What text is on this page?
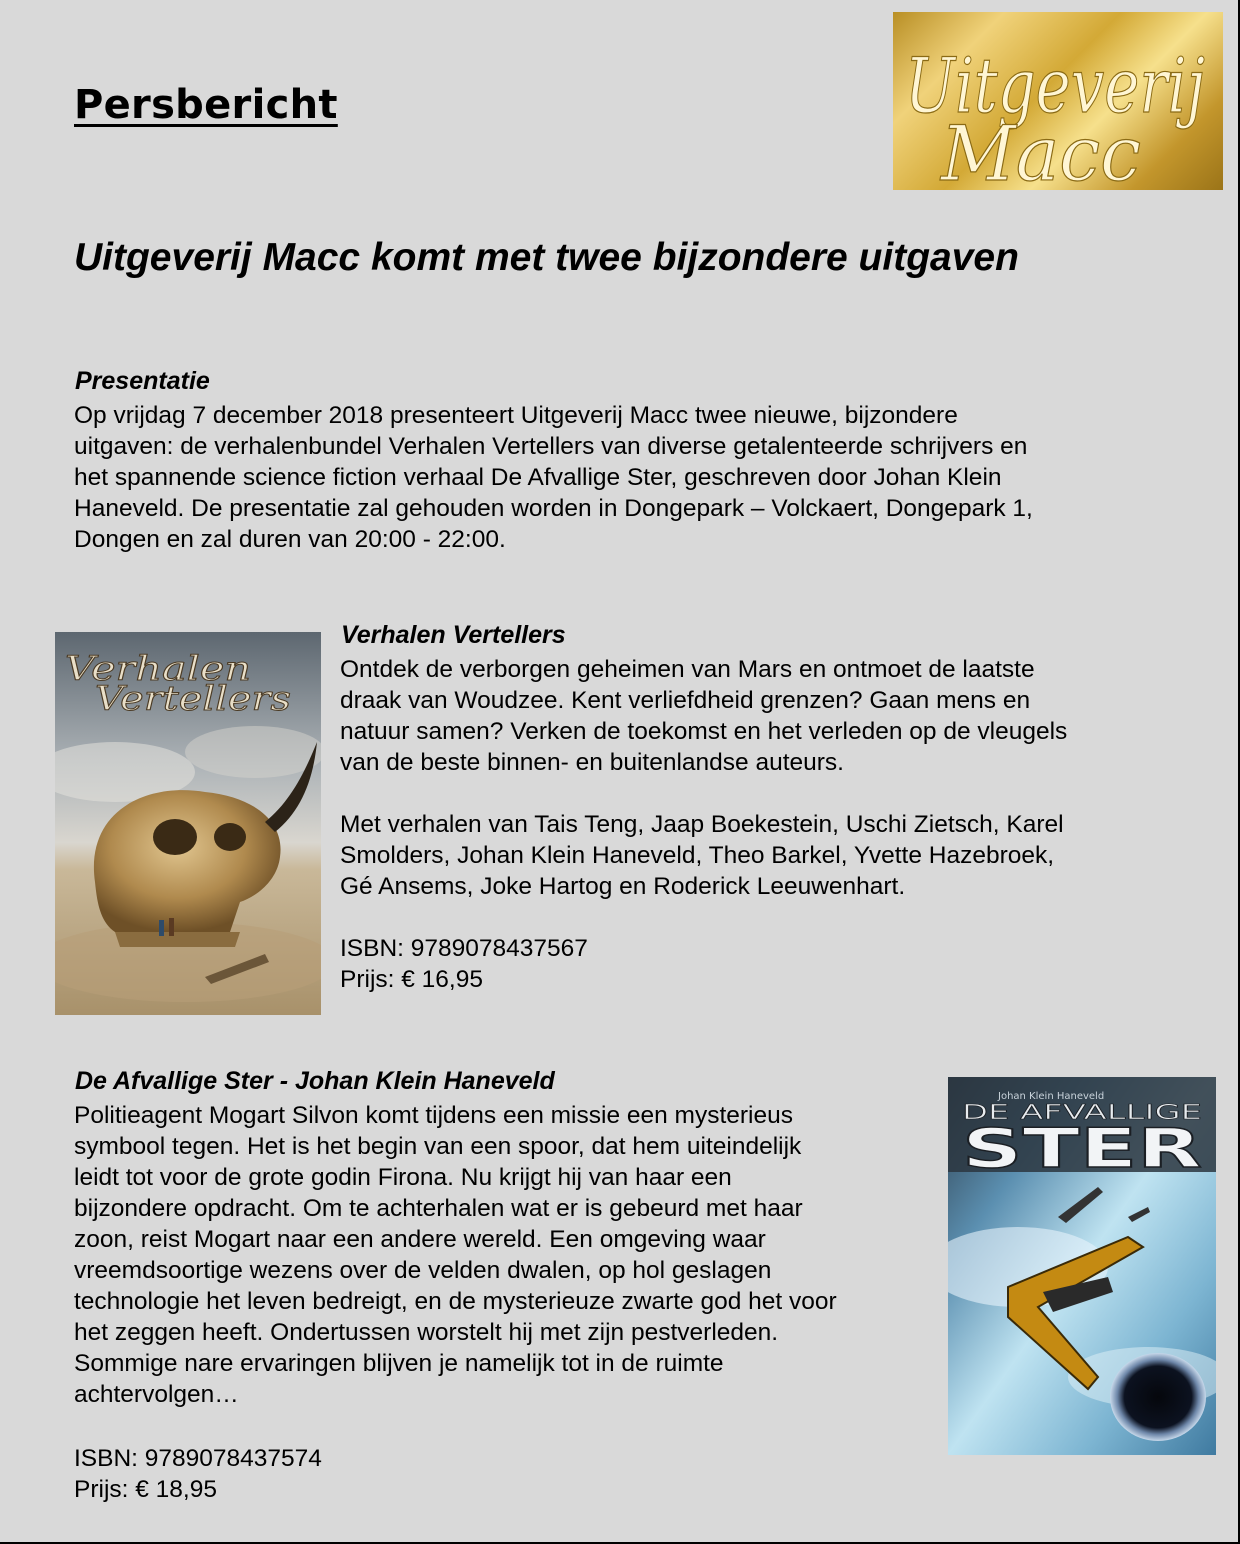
Persbericht	Uitgeverij
Macc
Uitgeverij Macc komt met twee bijzondere uitgaven
Presentatie
Op vrijdag 7 december 2018 presenteert Uitgeverij Macc twee nieuwe, bijzondere
uitgaven: de verhalenbundel Verhalen Vertellers van diverse getalenteerde schrijvers en
het spannende science fiction verhaal De Afvallige Ster, geschreven door Johan Klein
Haneveld. De presentatie zal gehouden worden in Dongepark – Volckaert, Dongepark 1,
Dongen en zal duren van 20:00 - 22:00.
Verhalen
Vertellers
Verhalen Vertellers
Ontdek de verborgen geheimen van Mars en ontmoet de laatste
draak van Woudzee. Kent verliefdheid grenzen? Gaan mens en
natuur samen? Verken de toekomst en het verleden op de vleugels
van de beste binnen- en buitenlandse auteurs.
Met verhalen van Tais Teng, Jaap Boekestein, Uschi Zietsch, Karel
Smolders, Johan Klein Haneveld, Theo Barkel, Yvette Hazebroek,
Gé Ansems, Joke Hartog en Roderick Leeuwenhart.
ISBN: 9789078437567
Prijs: € 16,95
De Afvallige Ster - Johan Klein Haneveld
Politieagent Mogart Silvon komt tijdens een missie een mysterieus
symbool tegen. Het is het begin van een spoor, dat hem uiteindelijk
leidt tot voor de grote godin Firona. Nu krijgt hij van haar een
bijzondere opdracht. Om te achterhalen wat er is gebeurd met haar
zoon, reist Mogart naar een andere wereld. Een omgeving waar
vreemdsoortige wezens over de velden dwalen, op hol geslagen
technologie het leven bedreigt, en de mysterieuze zwarte god het voor
het zeggen heeft. Ondertussen worstelt hij met zijn pestverleden.
Sommige nare ervaringen blijven je namelijk tot in de ruimte
achtervolgen…
ISBN: 9789078437574
Prijs: € 18,95
Johan Klein Haneveld
DE AFVALLIGE
STER
